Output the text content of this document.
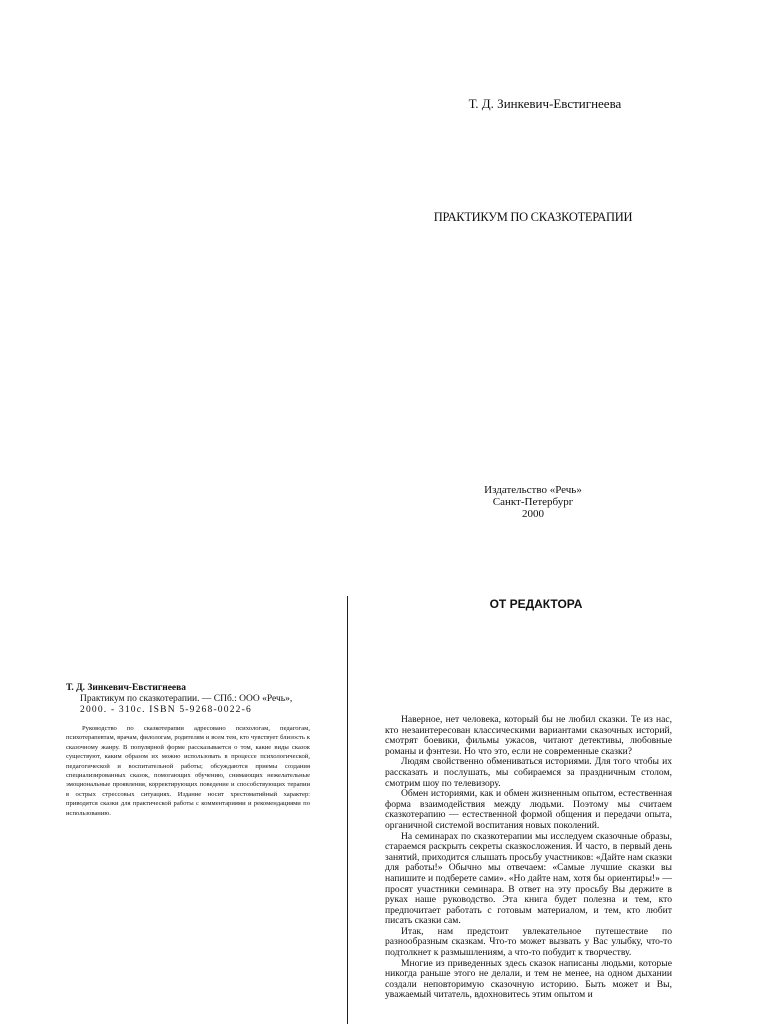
Т. Д. Зинкевич-Евстигнеева
ПРАКТИКУМ ПО СКАЗКОТЕРАПИИ
Издательство «Речь»
Санкт-Петербург
2000
ОТ РЕДАКТОРА
Т. Д. Зинкевич-Евстигнеева
Практикум по сказкотерапии. — СПб.: ООО «Речь»,
2000. - 310с. ISBN 5-9268-0022-6
Руководство по сказкотерапии адресовано психологам, педагогам, психотерапевтам, врачам, филологам, родителям и всем тем, кто чувствует близость к сказочному жанру. В популярной форме рассказывается о том, какие виды сказок существуют, каким образом их можно использовать в процессе психологической, педагогической и воспитательной работы; обсуждаются приемы создания специализированных сказок, помогающих обучению, снимающих нежелательные эмоциональные проявления, корректирующих поведение и способствующих терапии в острых стрессовых ситуациях. Издание носит хрестоматийный характер: приводятся сказки для практической работы с комментариями и рекомендациями по использованию.

Наверное, нет человека, который бы не любил сказки. Те из нас, кто незаинтересован классическими вариантами сказочных историй, смотрят боевики, фильмы ужасов, читают детективы, любовные романы и фэнтези. Но что это, если не современные сказки?

Людям свойственно обмениваться историями. Для того чтобы их рассказать и послушать, мы собираемся за праздничным столом, смотрим шоу по телевизору.

Обмен историями, как и обмен жизненным опытом, естественная форма взаимодействия между людьми. Поэтому мы считаем сказкотерапию — естественной формой общения и передачи опыта, органичной системой воспитания новых поколений.

На семинарах по сказкотерапии мы исследуем сказочные образы, стараемся раскрыть секреты сказкосложения. И часто, в первый день занятий, приходится слышать просьбу участников: «Дайте нам сказки для работы!» Обычно мы отвечаем: «Самые лучшие сказки вы напишите и подберете сами». «Но дайте нам, хотя бы ориентиры!» — просят участники семинара. В ответ на эту просьбу Вы держите в руках наше руководство. Эта книга будет полезна и тем, кто предпочитает работать с готовым материалом, и тем, кто любит писать сказки сам.

Итак, нам предстоит увлекательное путешествие по разнообразным сказкам. Что-то может вызвать у Вас улыбку, что-то подтолкнет к размышлениям, а что-то побудит к творчеству.

Многие из приведенных здесь сказок написаны людьми, которые никогда раньше этого не делали, и тем не менее, на одном дыхании создали неповторимую сказочную историю. Быть может и Вы, уважаемый читатель, вдохновитесь этим опытом и
